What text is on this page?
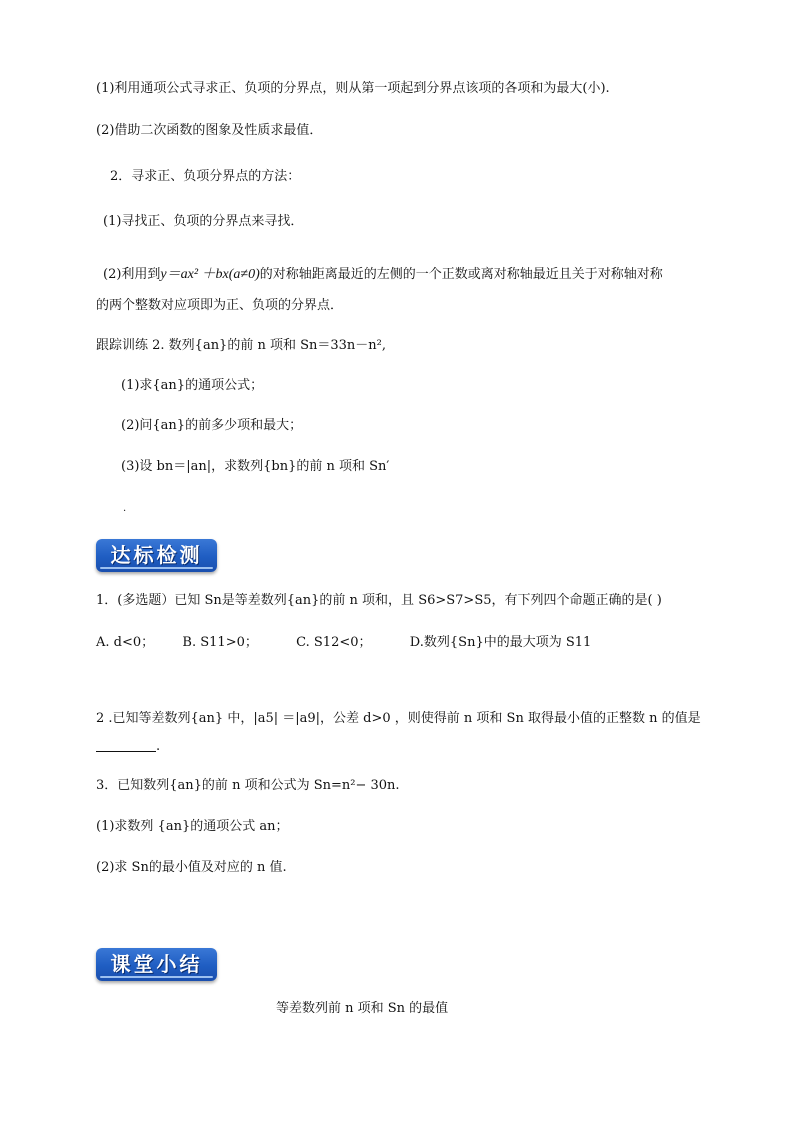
(1)利用通项公式寻求正、负项的分界点，则从第一项起到分界点该项的各项和为最大(小).
(2)借助二次函数的图象及性质求最值．
2．寻求正、负项分界点的方法：
(1)寻找正、负项的分界点来寻找．
(2)利用到y＝ax² ＋bx(a≠0)的对称轴距离最近的左侧的一个正数或离对称轴最近且关于对称轴对称
的两个整数对应项即为正、负项的分界点．
跟踪训练 2. 数列{an}的前 n 项和 Sn＝33n－n²,
(1)求{an}的通项公式；
(2)问{an}的前多少项和最大；
(3)设 bn＝|an|，求数列{bn}的前 n 项和 Sn′
.
达标检测
1．(多选题）已知 Sn是等差数列{an}的前 n 项和，且 S6>S7>S5，有下列四个命题正确的是( )
A. d<0； B. S11>0；	C. S12<0；	D.数列{Sn}中的最大项为 S11
2 .已知等差数列{an} 中，|a5| ＝|a9|，公差 d>0 ，则使得前 n 项和 Sn 取得最小值的正整数 n 的值是
.
3．已知数列{an}的前 n 项和公式为 Sn=n²− 30n.
(1)求数列 {an}的通项公式 an；
(2)求 Sn的最小值及对应的 n 值.
课堂小结
等差数列前 n 项和 Sn 的最值
